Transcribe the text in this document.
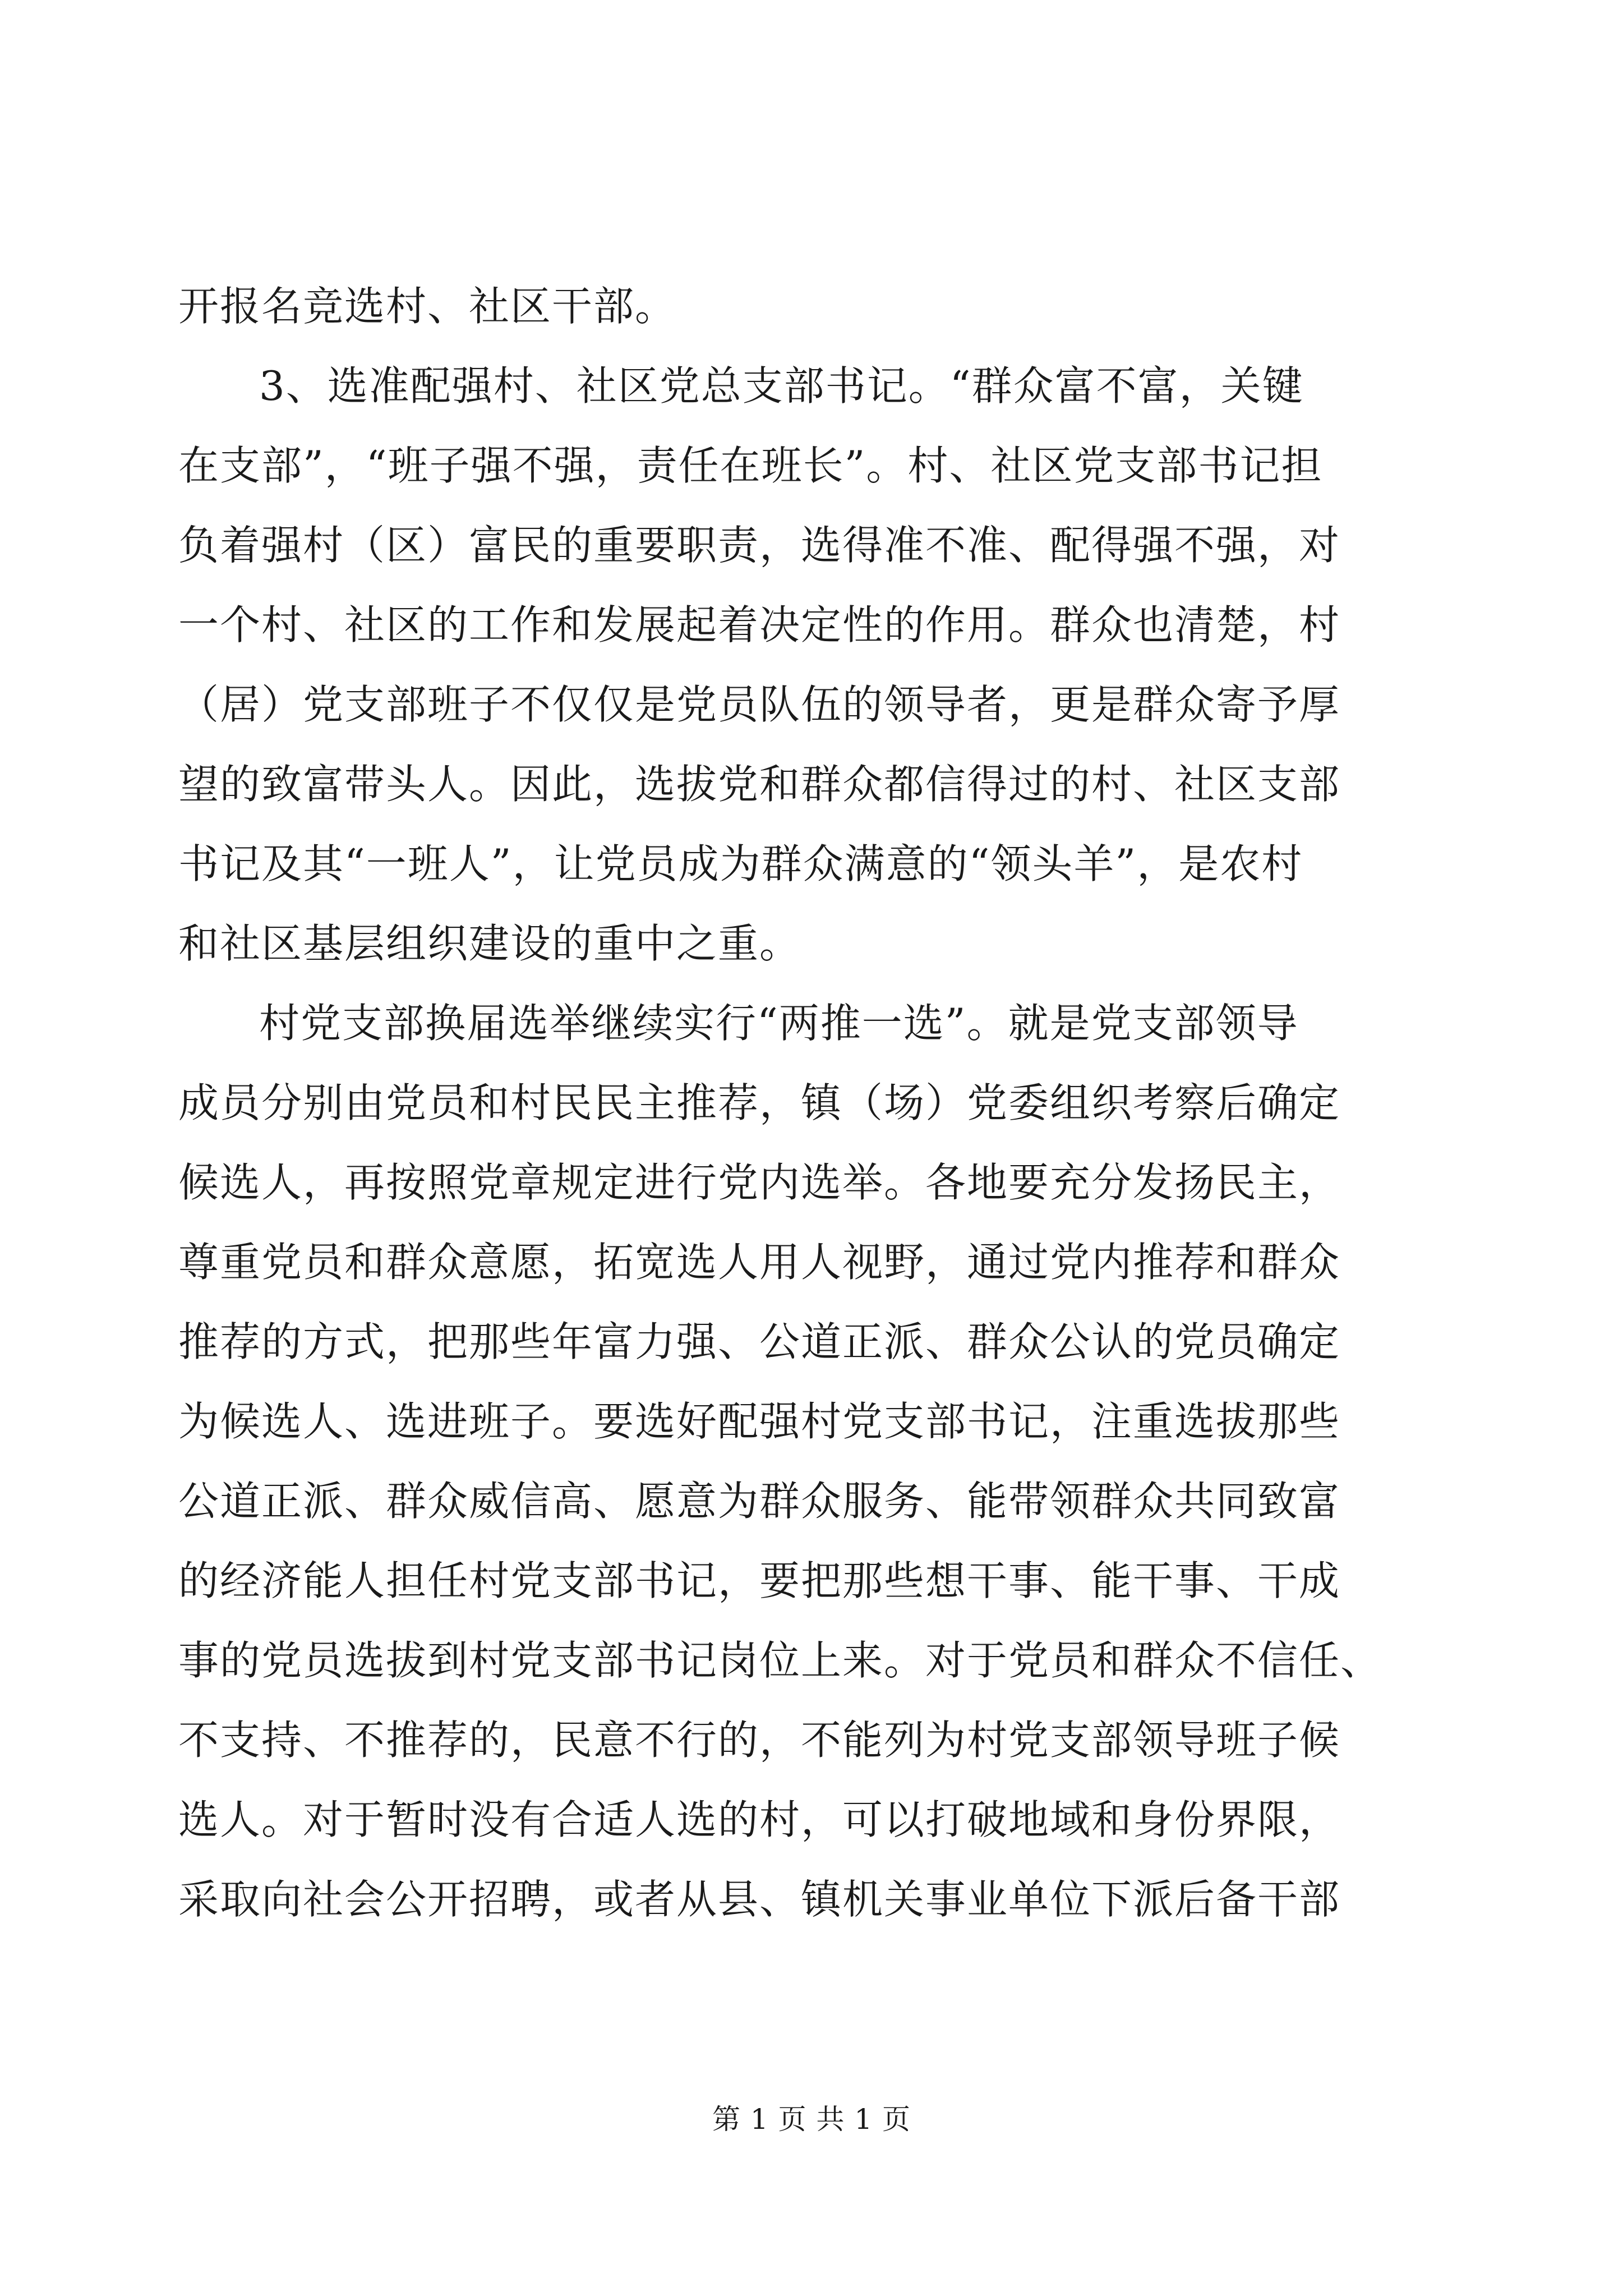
开报名竞选村、社区干部。
3、选准配强村、社区党总支部书记。“群众富不富，关键
在支部”，“班子强不强，责任在班长”。村、社区党支部书记担
负着强村（区）富民的重要职责，选得准不准、配得强不强，对
一个村、社区的工作和发展起着决定性的作用。群众也清楚，村
（居）党支部班子不仅仅是党员队伍的领导者，更是群众寄予厚
望的致富带头人。因此，选拔党和群众都信得过的村、社区支部
书记及其“一班人”，让党员成为群众满意的“领头羊”，是农村
和社区基层组织建设的重中之重。
村党支部换届选举继续实行“两推一选”。就是党支部领导
成员分别由党员和村民民主推荐，镇（场）党委组织考察后确定
候选人，再按照党章规定进行党内选举。各地要充分发扬民主，
尊重党员和群众意愿，拓宽选人用人视野，通过党内推荐和群众
推荐的方式，把那些年富力强、公道正派、群众公认的党员确定
为候选人、选进班子。要选好配强村党支部书记，注重选拔那些
公道正派、群众威信高、愿意为群众服务、能带领群众共同致富
的经济能人担任村党支部书记，要把那些想干事、能干事、干成
事的党员选拔到村党支部书记岗位上来。对于党员和群众不信任、
不支持、不推荐的，民意不行的，不能列为村党支部领导班子候
选人。对于暂时没有合适人选的村，可以打破地域和身份界限，
采取向社会公开招聘，或者从县、镇机关事业单位下派后备干部
第 1 页 共 1 页
